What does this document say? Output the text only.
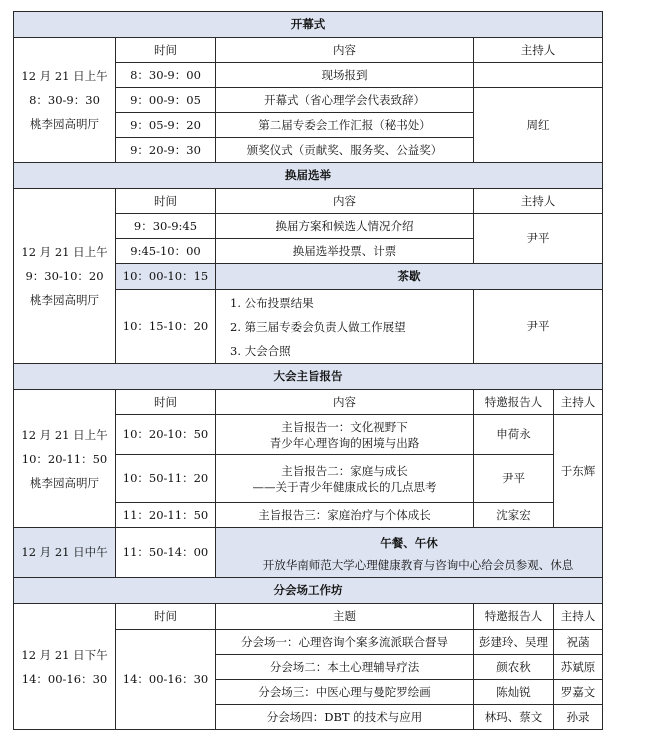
开幕式				

12 月 21 日上午
8：30-9：30
桃李园高明厅	时间	内容	主持人	
	8：30-9：00	现场报到		
	9：00-9：05	开幕式（省心理学会代表致辞）	周红	
	9：05-9：20	第二届专委会工作汇报（秘书处）		
	9：20-9：30	颁奖仪式（贡献奖、服务奖、公益奖）		
换届选举				

12 月 21 日上午
9：30-10：20
桃李园高明厅	时间	内容	主持人	
	9：30-9:45	换届方案和候选人情况介绍	尹平	
	9:45-10：00	换届选举投票、计票		
	10：00-10：15	茶歇		
	10：15-10：20	1. 公布投票结果
2. 第三届专委会负责人做工作展望
3. 大会合照	尹平	
大会主旨报告				

12 月 21 日上午
10：20-11：50
桃李园高明厅	时间	内容	特邀报告人	主持人
	10：20-10：50	主旨报告一：文化视野下
青少年心理咨询的困境与出路	申荷永	于东辉
	10：50-11：20	主旨报告二：家庭与成长
——关于青少年健康成长的几点思考	尹平	
	11：20-11：50	主旨报告三：家庭治疗与个体成长	沈家宏	
12 月 21 日中午	11：50-14：00	午餐、午休
开放华南师范大学心理健康教育与咨询中心给会员参观、休息		

分会场工作坊				

12 月 21 日下午
14：00-16：30	时间	主题	特邀报告人	主持人
	14：00-16：30	分会场一：心理咨询个案多流派联合督导	彭建玲、吴理	祝菡
		分会场二：本土心理辅导疗法	颜农秋	苏斌原
		分会场三：中医心理与曼陀罗绘画	陈灿锐	罗嘉文
		分会场四：DBT 的技术与应用	林玛、蔡文	孙录
